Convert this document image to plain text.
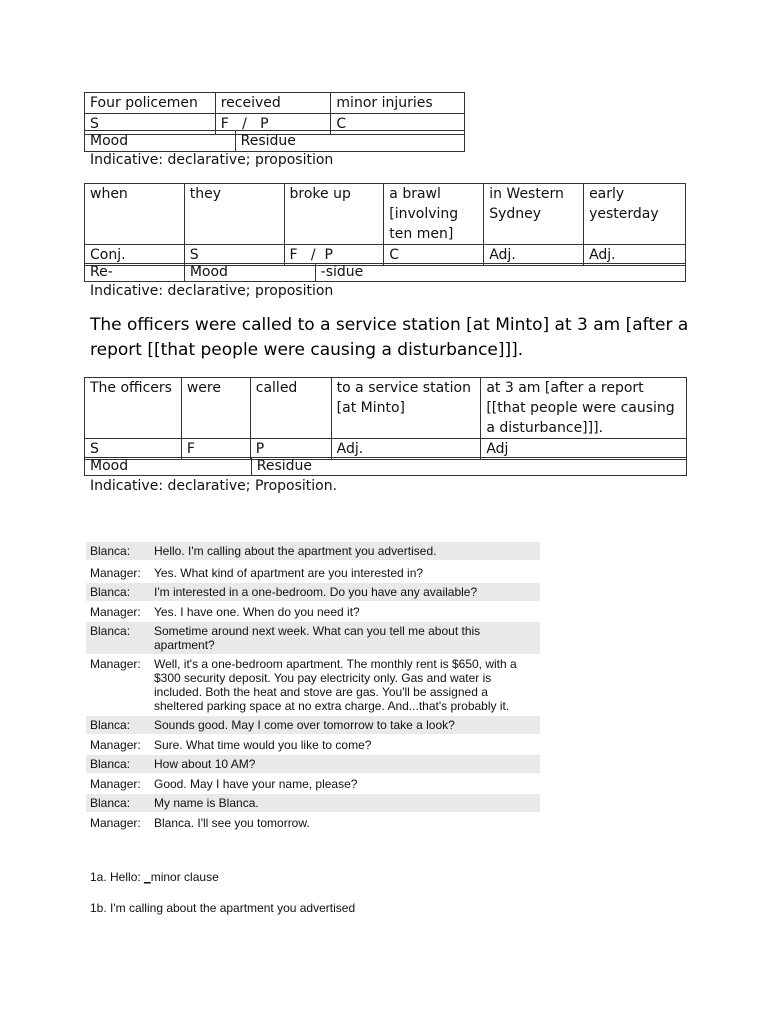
Four policemen	received	minor injuries
S	F   /   P	C
Mood	Residue
Indicative: declarative; proposition
when	they	broke up	a brawl [involving ten men]	in Western Sydney	early yesterday
Conj.	S	F   /  P	C	Adj.	Adj.
Re-	Mood	-sidue
Indicative: declarative; proposition
The officers were called to a service station [at Minto] at 3 am [after a report [[that people were causing a disturbance]]].
The officers	were	called	to a service station [at Minto]	at 3 am [after a report [[that people were causing a disturbance]]].
S	F	P	Adj.	Adj
Mood	Residue
Indicative: declarative; Proposition.
Blanca:	Hello. I'm calling about the apartment you advertised.
Manager:	Yes. What kind of apartment are you interested in?
Blanca:	I'm interested in a one-bedroom. Do you have any available?
Manager:	Yes. I have one. When do you need it?
Blanca:	Sometime around next week. What can you tell me about this apartment?
Manager:	Well, it's a one-bedroom apartment. The monthly rent is $650, with a $300 security deposit. You pay electricity only. Gas and water is included. Both the heat and stove are gas. You'll be assigned a sheltered parking space at no extra charge. And...that's probably it.
Blanca:	Sounds good. May I come over tomorrow to take a look?
Manager:	Sure. What time would you like to come?
Blanca:	How about 10 AM?
Manager:	Good. May I have your name, please?
Blanca:	My name is Blanca.
Manager:	Blanca. I'll see you tomorrow.
1a. Hello: _minor clause
1b. I'm calling about the apartment you advertised
